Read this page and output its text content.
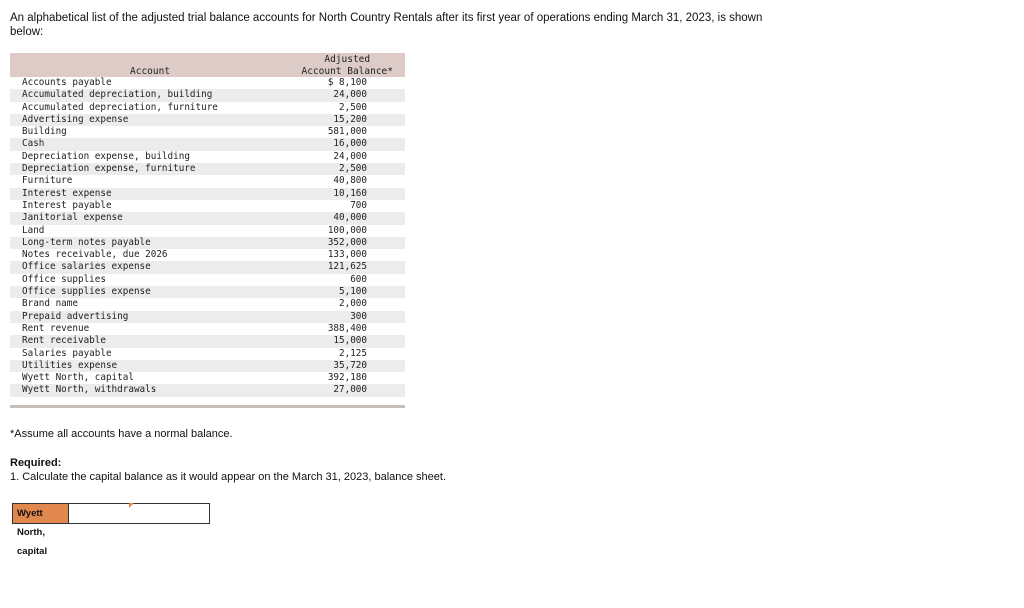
An alphabetical list of the adjusted trial balance accounts for North Country Rentals after its first year of operations ending March 31, 2023, is shown below:
Account
Adjusted
Account Balance*
Accounts payable	$ 8,100
Accumulated depreciation, building	24,000
Accumulated depreciation, furniture	2,500
Advertising expense	15,200
Building	581,000
Cash	16,000
Depreciation expense, building	24,000
Depreciation expense, furniture	2,500
Furniture	40,800
Interest expense	10,160
Interest payable	700
Janitorial expense	40,000
Land	100,000
Long-term notes payable	352,000
Notes receivable, due 2026	133,000
Office salaries expense	121,625
Office supplies	600
Office supplies expense	5,100
Brand name	2,000
Prepaid advertising	300
Rent revenue	388,400
Rent receivable	15,000
Salaries payable	2,125
Utilities expense	35,720
Wyett North, capital	392,180
Wyett North, withdrawals	27,000
*Assume all accounts have a normal balance.
Required:
1. Calculate the capital balance as it would appear on the March 31, 2023, balance sheet.
Wyett North, capital
